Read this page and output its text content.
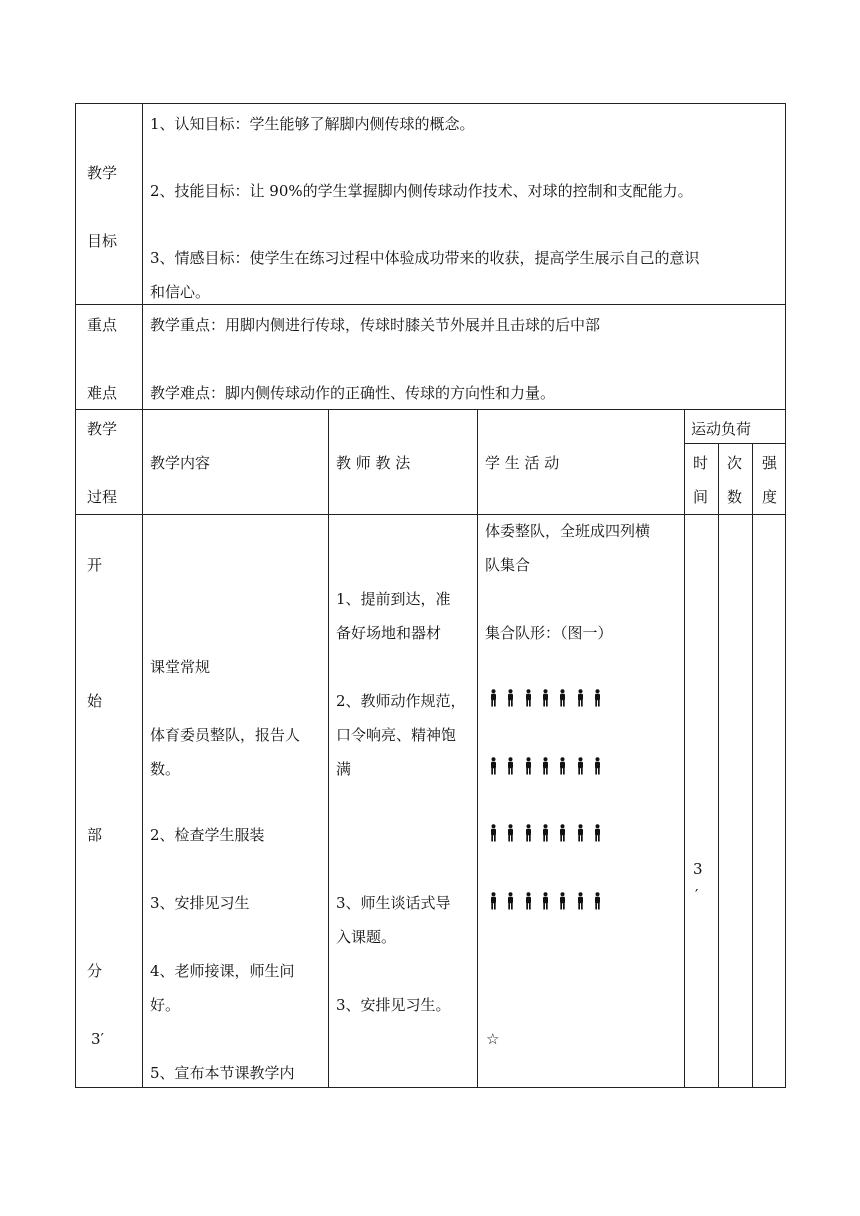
教学
目标
1、认知目标：学生能够了解脚内侧传球的概念。
2、技能目标：让 90%的学生掌握脚内侧传球动作技术、对球的控制和支配能力。
3、情感目标：使学生在练习过程中体验成功带来的收获，提高学生展示自己的意识
和信心。
重点
难点
教学重点：用脚内侧进行传球，传球时膝关节外展并且击球的后中部
教学难点：脚内侧传球动作的正确性、传球的方向性和力量。
教学
过程
教学内容	教 师 教 法	学 生 活 动
运动负荷
时
间
次
数
强
度
开
始
部
分
3′
课堂常规
体育委员整队，报告人
数。
2、检查学生服装
3、安排见习生
4、老师接课，师生问
好。
5、宣布本节课教学内
1、提前到达，准
备好场地和器材
2、教师动作规范，
口令响亮、精神饱
满
3、师生谈话式导
入课题。
3、安排见习生。
体委整队，全班成四列横
队集合
集合队形：（图一）
☆
3
′
